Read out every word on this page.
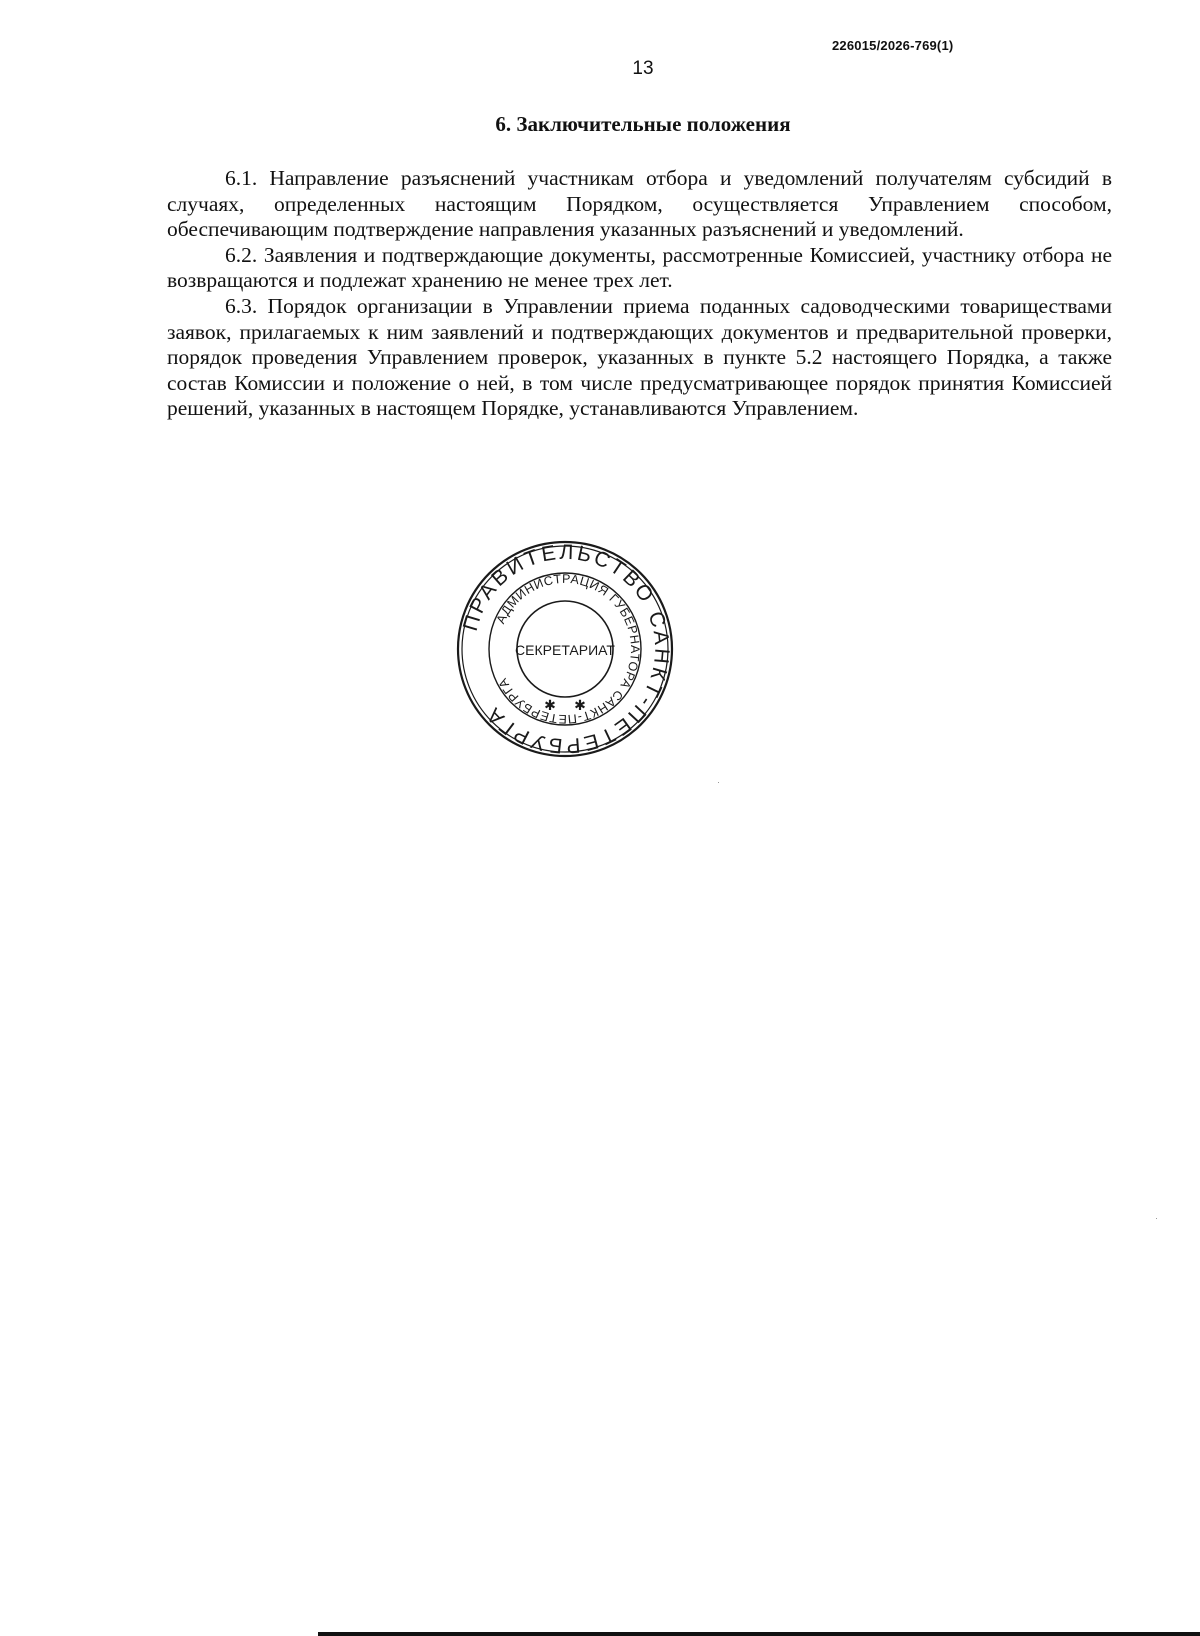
226015/2026-769(1)
13
6. Заключительные положения

6.1. Направление разъяснений участникам отбора и уведомлений получателям субсидий в случаях, определенных настоящим Порядком, осуществляется Управлением способом, обеспечивающим подтверждение направления указанных разъяснений и уведомлений.

6.2. Заявления и подтверждающие документы, рассмотренные Комиссией, участнику отбора не возвращаются и подлежат хранению не менее трех лет.

6.3. Порядок организации в Управлении приема поданных садоводческими товариществами заявок, прилагаемых к ним заявлений и подтверждающих документов и предварительной проверки, порядок проведения Управлением проверок, указанных в пункте 5.2 настоящего Порядка, а также состав Комиссии и положение о ней, в том числе предусматривающее порядок принятия Комиссией решений, указанных в настоящем Порядке, устанавливаются Управлением.

ПРАВИТЕЛЬСТВО САНКТ-ПЕТЕРБУРГА
АДМИНИСТРАЦИЯ ГУБЕРНАТОРА САНКТ-ПЕТЕРБУРГА
СЕКРЕТАРИАТ
✱ ✱
